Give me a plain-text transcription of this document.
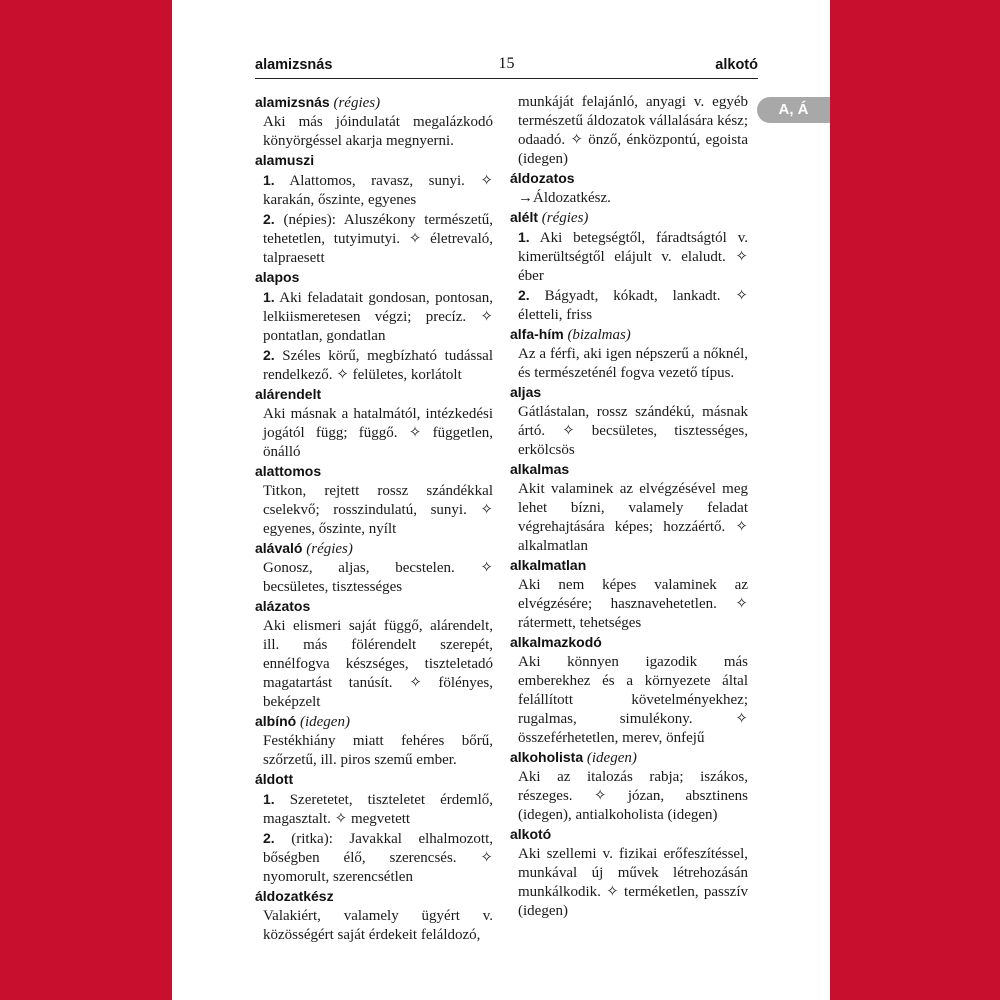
alamizsnás	15	alkotó
A, Á
alamizsnás (régies)
Aki más jóindulatát megalázkodó könyörgéssel akarja megnyerni.
alamuszi
1. Alattomos, ravasz, sunyi. ✧ karakán, őszinte, egyenes
2. (népies): Aluszékony természetű, tehetetlen, tutyimutyi. ✧ életrevaló, talpraesett
alapos
1. Aki feladatait gondosan, pontosan, lelkiismeretesen végzi; precíz. ✧ pontatlan, gondatlan
2. Széles körű, megbízható tudással rendelkező. ✧ felületes, korlátolt
alárendelt
Aki másnak a hatalmától, intézkedési jogától függ; függő. ✧ független, önálló
alattomos
Titkon, rejtett rossz szándékkal cselekvő; rosszindulatú, sunyi. ✧ egyenes, őszinte, nyílt
alávaló (régies)
Gonosz, aljas, becstelen. ✧ becsületes, tisztességes
alázatos
Aki elismeri saját függő, alárendelt, ill. más fölérendelt szerepét, ennélfogva készséges, tiszteletadó magatartást tanúsít. ✧ fölényes, beképzelt
albínó (idegen)
Festékhiány miatt fehéres bőrű, szőrzetű, ill. piros szemű ember.
áldott
1. Szeretetet, tiszteletet érdemlő, magasztalt. ✧ megvetett
2. (ritka): Javakkal elhalmozott, bőségben élő, szerencsés. ✧ nyomorult, szerencsétlen
áldozatkész
Valakiért, valamely ügyért v. közösségért saját érdekeit feláldozó,
munkáját felajánló, anyagi v. egyéb természetű áldozatok vállalására kész; odaadó. ✧ önző, énközpontú, egoista (idegen)
áldozatos
→Áldozatkész.
alélt (régies)
1. Aki betegségtől, fáradtságtól v. kimerültségtől elájult v. elaludt. ✧ éber
2. Bágyadt, kókadt, lankadt. ✧ életteli, friss
alfa-hím (bizalmas)
Az a férfi, aki igen népszerű a nőknél, és természeténél fogva vezető típus.
aljas
Gátlástalan, rossz szándékú, másnak ártó. ✧ becsületes, tisztességes, erkölcsös
alkalmas
Akit valaminek az elvégzésével meg lehet bízni, valamely feladat végrehajtására képes; hozzáértő. ✧ alkalmatlan
alkalmatlan
Aki nem képes valaminek az elvégzésére; hasznavehetetlen. ✧ rátermett, tehetséges
alkalmazkodó
Aki könnyen igazodik más emberekhez és a környezete által felállított követelményekhez; rugalmas, simulékony. ✧ összeférhetetlen, merev, önfejű
alkoholista (idegen)
Aki az italozás rabja; iszákos, részeges. ✧ józan, absztinens (idegen), antialkoholista (idegen)
alkotó
Aki szellemi v. fizikai erőfeszítéssel, munkával új művek létrehozásán munkálkodik. ✧ terméketlen, passzív (idegen)
